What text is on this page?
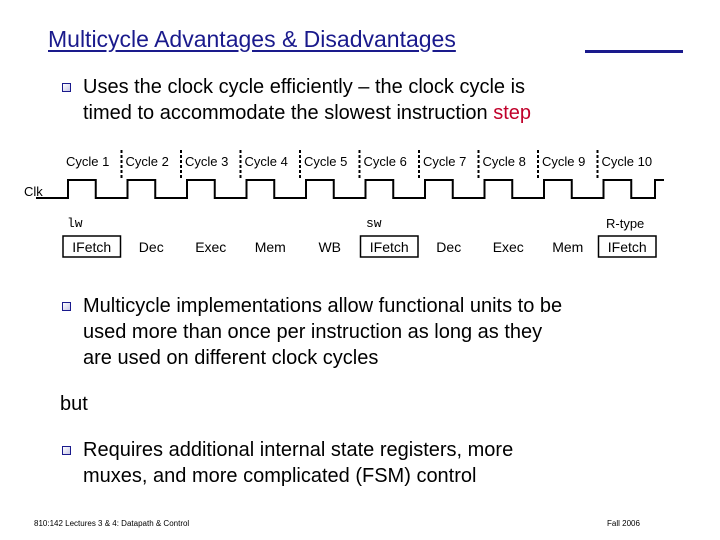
Multicycle Advantages & Disadvantages
Uses the clock cycle efficiently – the clock cycle is
timed to accommodate the slowest instruction step
Cycle 1 Cycle 2 Cycle 3 Cycle 4 Cycle 5 Cycle 6 Cycle 7 Cycle 8 Cycle 9 Cycle 10
Clk
lw	sw	R-type
IFetch	Dec	Exec	Mem	WB	IFetch	Dec	Exec	Mem	IFetch
Multicycle implementations allow functional units to be
used more than once per instruction as long as they
are used on different clock cycles
but
Requires additional internal state registers, more
muxes, and more complicated (FSM) control
810:142 Lectures 3 & 4: Datapath & Control	Fall 2006
